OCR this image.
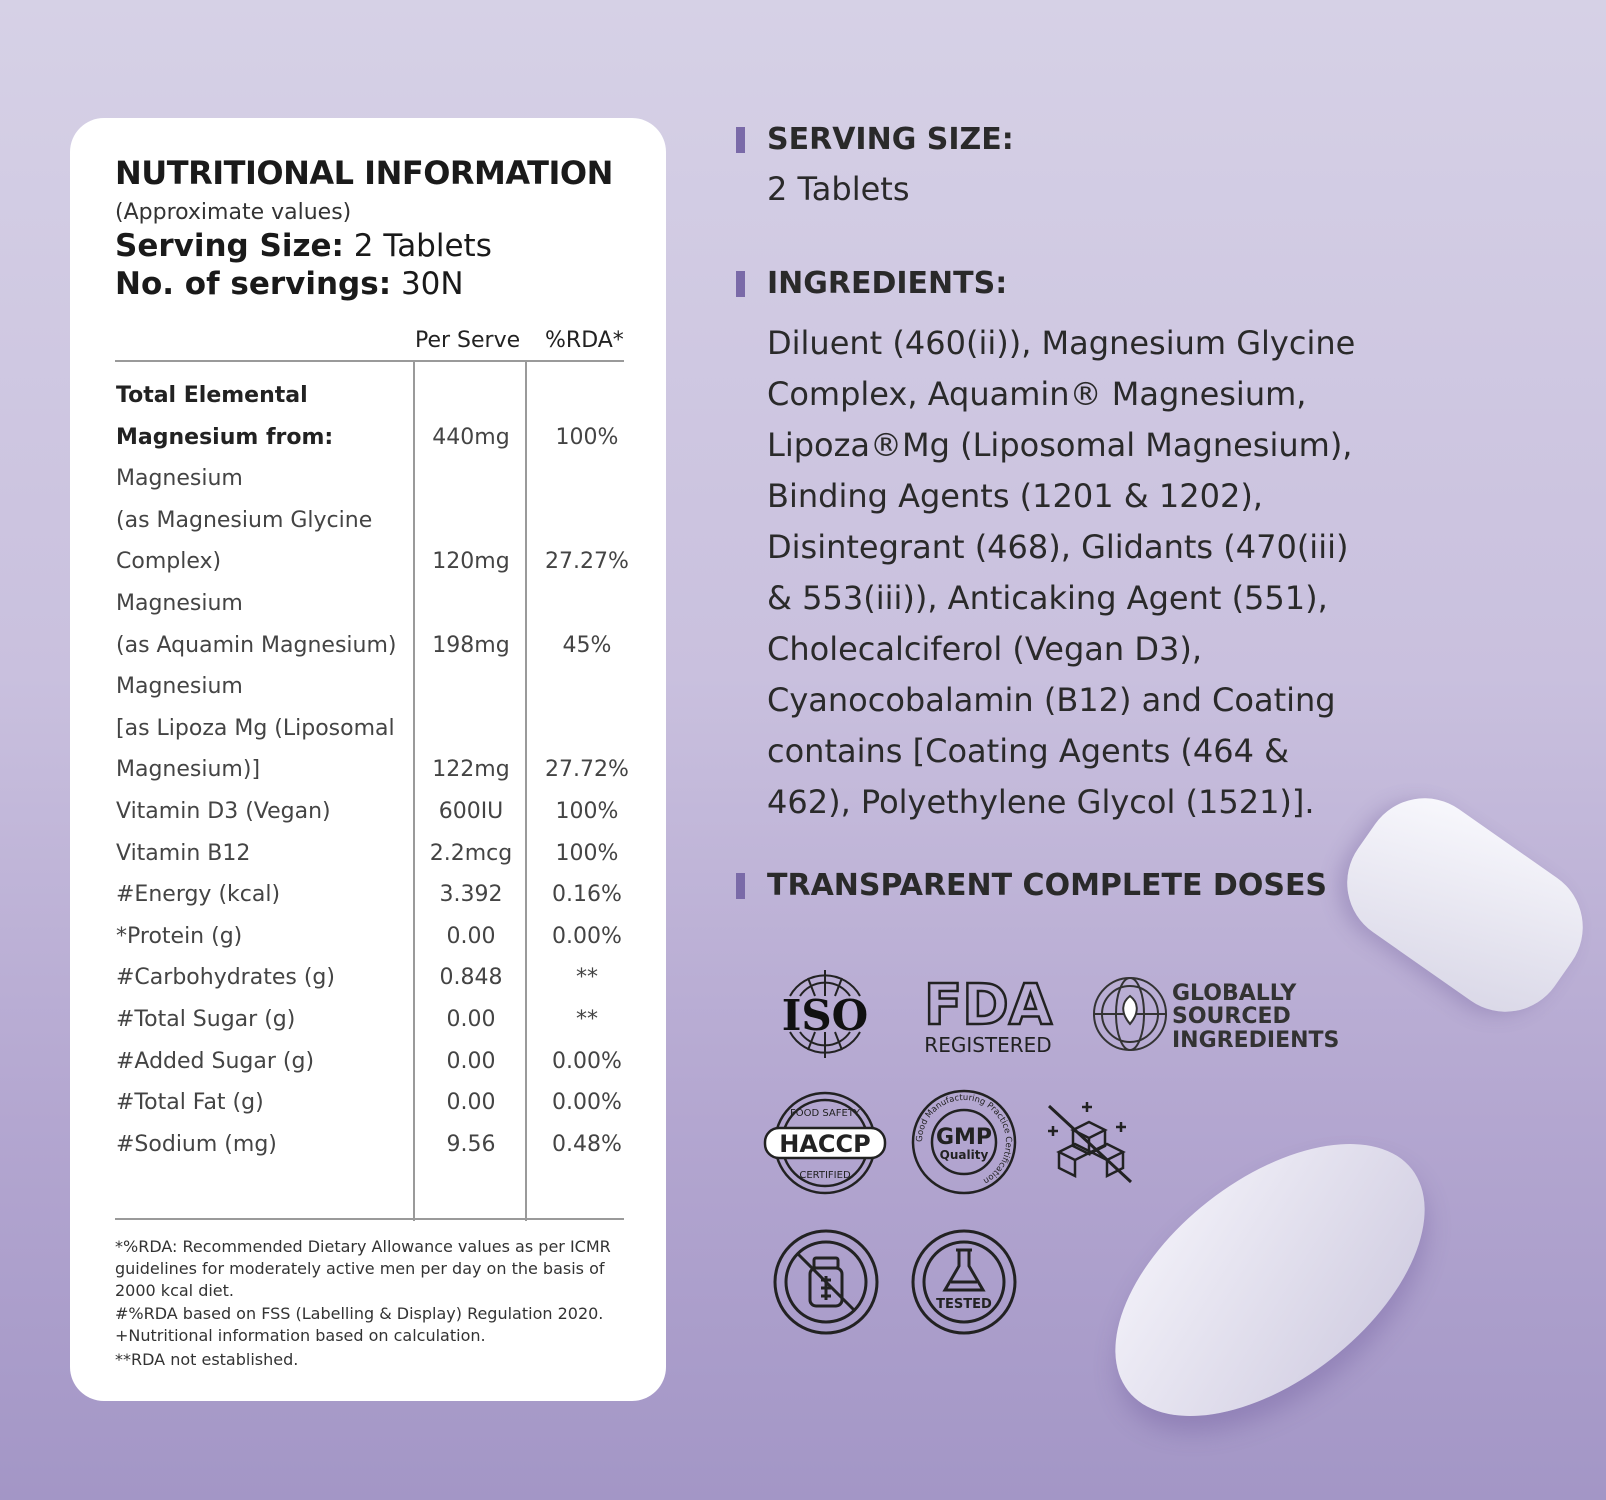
NUTRITIONAL INFORMATION
(Approximate values)
Serving Size: 2 Tablets
No. of servings: 30N
Per Serve %RDA*
Total Elemental
Magnesium from:	440mg	100%
Magnesium
(as Magnesium Glycine
Complex)	120mg	27.27%
Magnesium
(as Aquamin Magnesium)	198mg	45%
Magnesium
[as Lipoza Mg (Liposomal
Magnesium)]	122mg	27.72%
Vitamin D3 (Vegan)	600IU	100%
Vitamin B12	2.2mcg	100%
#Energy (kcal)	3.392	0.16%
*Protein (g)	0.00	0.00%
#Carbohydrates (g)	0.848	**
#Total Sugar (g)	0.00	**
#Added Sugar (g)	0.00	0.00%
#Total Fat (g)	0.00	0.00%
#Sodium (mg)	9.56	0.48%
*%RDA: Recommended Dietary Allowance values as per ICMR guidelines for moderately active men per day on the basis of 2000 kcal diet.
#%RDA based on FSS (Labelling & Display) Regulation 2020. +Nutritional information based on calculation.
**RDA not established.
SERVING SIZE:
2 Tablets
INGREDIENTS:
Diluent (460(ii)), Magnesium Glycine
Complex, Aquamin® Magnesium,
Lipoza®Mg (Liposomal Magnesium),
Binding Agents (1201 & 1202),
Disintegrant (468), Glidants (470(iii)
& 553(iii)), Anticaking Agent (551),
Cholecalciferol (Vegan D3),
Cyanocobalamin (B12) and Coating
contains [Coating Agents (464 &
462), Polyethylene Glycol (1521)].
TRANSPARENT COMPLETE DOSES
ISO FDA
REGISTERED
GLOBALLY
SOURCED
INGREDIENTS
HACCP
FOOD SAFETY
CERTIFIED
Good Manufacturing Practice Certification
GMP
Quality
TESTED
